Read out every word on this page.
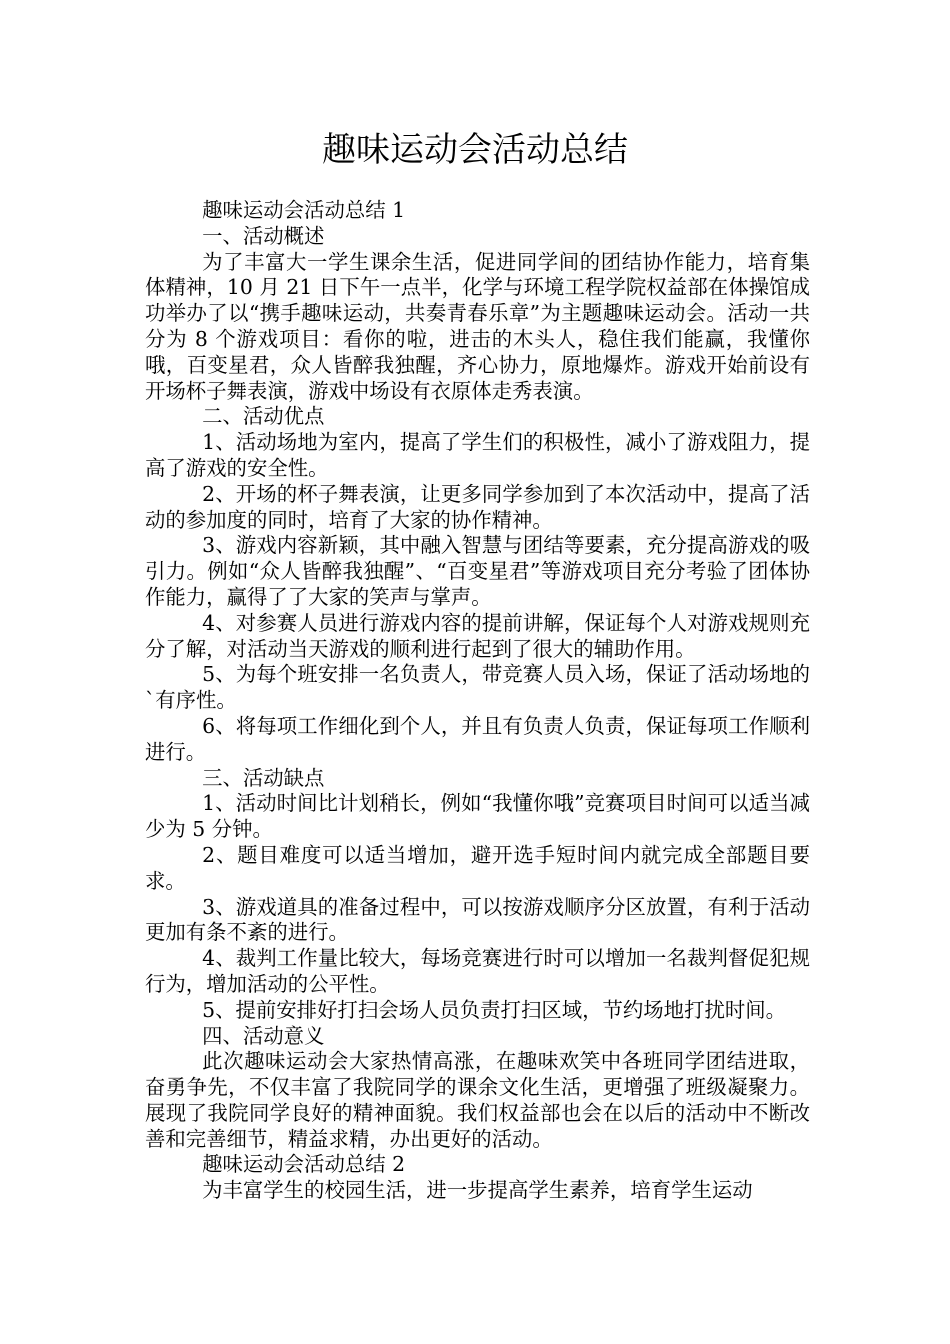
趣味运动会活动总结

趣味运动会活动总结 1

一、活动概述

为了丰富大一学生课余生活，促进同学间的团结协作能力，培育集体精神，10 月 21 日下午一点半，化学与环境工程学院权益部在体操馆成功举办了以“携手趣味运动，共奏青春乐章”为主题趣味运动会。活动一共分为 8 个游戏项目：看你的啦，进击的木头人，稳住我们能赢，我懂你哦，百变星君，众人皆醉我独醒，齐心协力，原地爆炸。游戏开始前设有开场杯子舞表演，游戏中场设有衣原体走秀表演。

二、活动优点

1、活动场地为室内，提高了学生们的积极性，减小了游戏阻力，提高了游戏的安全性。

2、开场的杯子舞表演，让更多同学参加到了本次活动中，提高了活动的参加度的同时，培育了大家的协作精神。

3、游戏内容新颖，其中融入智慧与团结等要素，充分提高游戏的吸引力。例如“众人皆醉我独醒”、“百变星君”等游戏项目充分考验了团体协作能力，赢得了了大家的笑声与掌声。

4、对参赛人员进行游戏内容的提前讲解，保证每个人对游戏规则充分了解，对活动当天游戏的顺利进行起到了很大的辅助作用。

5、为每个班安排一名负责人，带竞赛人员入场，保证了活动场地的`有序性。

6、将每项工作细化到个人，并且有负责人负责，保证每项工作顺利进行。

三、活动缺点

1、活动时间比计划稍长，例如“我懂你哦”竞赛项目时间可以适当减少为 5 分钟。

2、题目难度可以适当增加，避开选手短时间内就完成全部题目要求。

3、游戏道具的准备过程中，可以按游戏顺序分区放置，有利于活动更加有条不紊的进行。

4、裁判工作量比较大，每场竞赛进行时可以增加一名裁判督促犯规行为，增加活动的公平性。

5、提前安排好打扫会场人员负责打扫区域，节约场地打扰时间。

四、活动意义

此次趣味运动会大家热情高涨，在趣味欢笑中各班同学团结进取，奋勇争先，不仅丰富了我院同学的课余文化生活，更增强了班级凝聚力。展现了我院同学良好的精神面貌。我们权益部也会在以后的活动中不断改善和完善细节，精益求精，办出更好的活动。

趣味运动会活动总结 2

为丰富学生的校园生活，进一步提高学生素养，培育学生运动
